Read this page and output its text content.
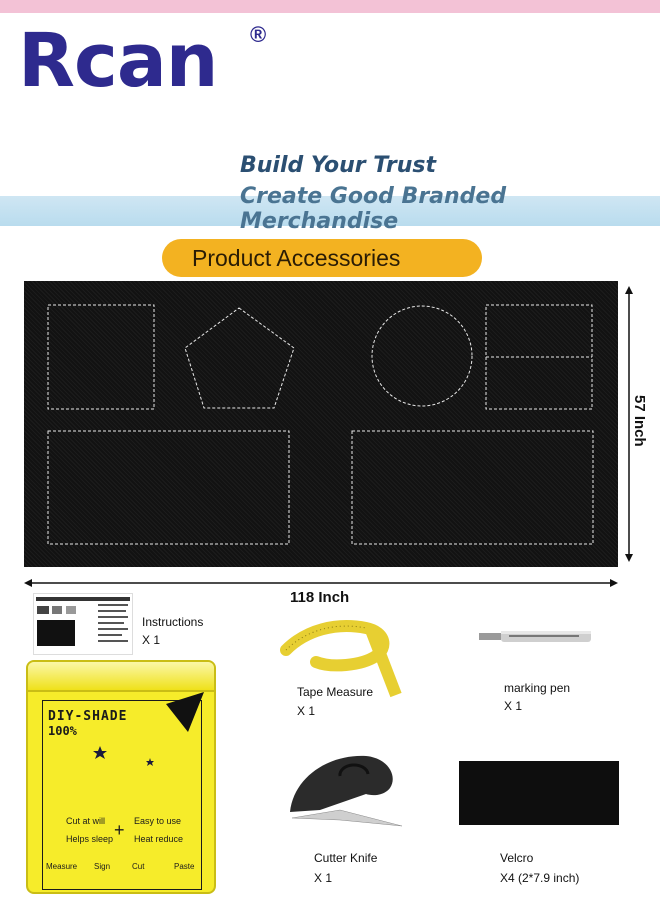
Rcan ®
Build Your Trust
Create Good Branded Merchandise
Product Accessories
57 Inch
118 Inch
Instructions
X 1
Tape Measure
X 1
marking pen
X 1
DIY-SHADE
100%
Cut at will	Easy to use
+
Helps sleep Heat reduce
Measure Sign	Cut	Paste
Cutter Knife
X 1
Velcro
X4 (2*7.9 inch)
